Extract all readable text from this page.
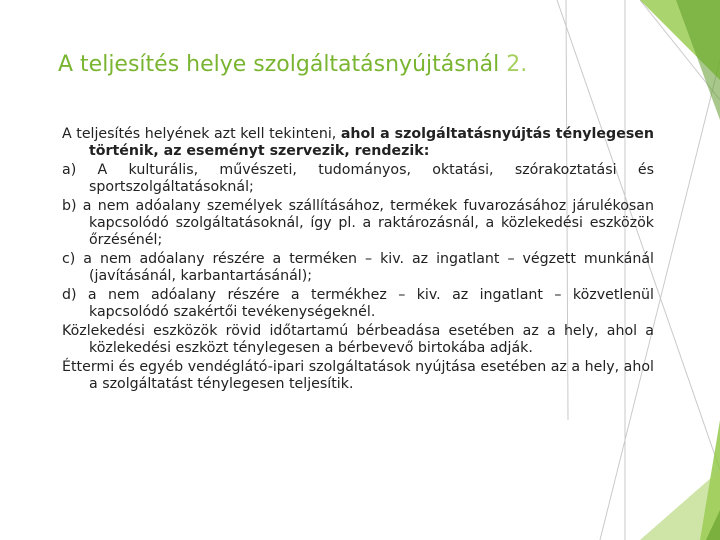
A teljesítés helye szolgáltatásnyújtásnál 2.

A teljesítés helyének azt kell tekinteni, ahol a szolgáltatásnyújtás ténylegesen történik, az eseményt szervezik, rendezik:

a) A kulturális, művészeti, tudományos, oktatási, szórakoztatási és sportszolgáltatásoknál;

b) a nem adóalany személyek szállításához, termékek fuvarozásához járulékosan kapcsolódó szolgáltatásoknál, így pl. a raktározásnál, a közlekedési eszközök őrzésénél;

c) a nem adóalany részére a terméken – kiv. az ingatlant – végzett munkánál (javításánál, karbantartásánál);

d) a nem adóalany részére a termékhez – kiv. az ingatlant – közvetlenül kapcsolódó szakértői tevékenységeknél.

Közlekedési eszközök rövid időtartamú bérbeadása esetében az a hely, ahol a közlekedési eszközt ténylegesen a bérbevevő birtokába adják.

Éttermi és egyéb vendéglátó-ipari szolgáltatások nyújtása esetében az a hely, ahol a szolgáltatást ténylegesen teljesítik.
